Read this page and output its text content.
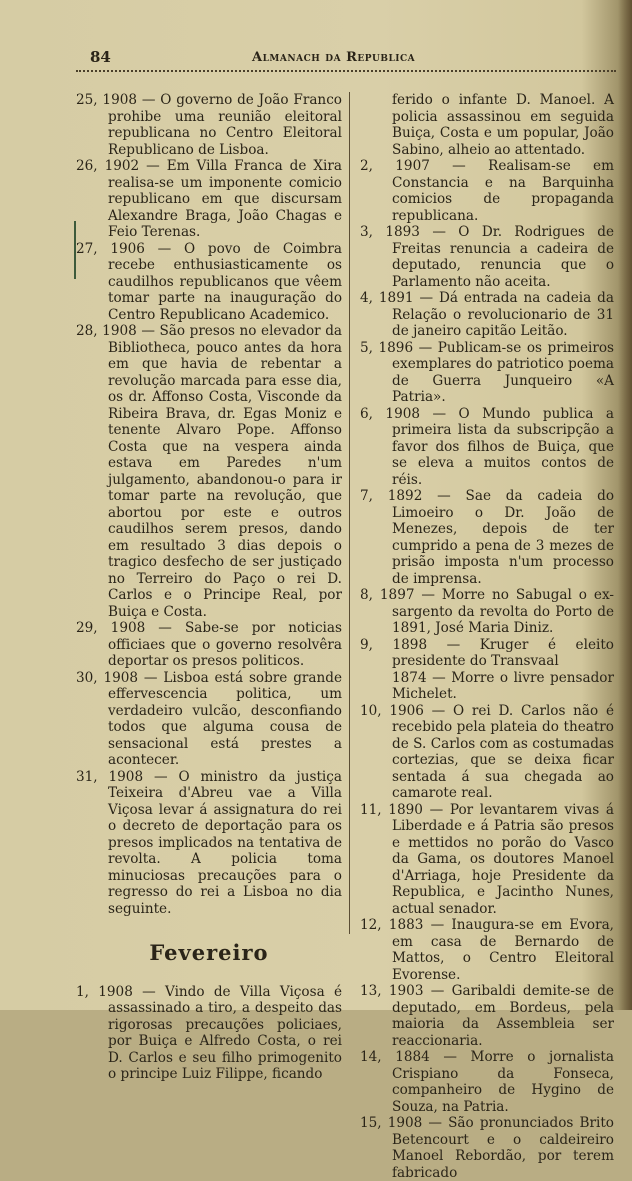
84	Almanach da Republica

25, 1908 — O governo de João Franco prohibe uma reunião eleitoral republicana no Centro Eleitoral Republicano de Lisboa.

26, 1902 — Em Villa Franca de Xira realisa-se um imponente comicio republicano em que discursam Alexandre Braga, João Chagas e Feio Terenas.

27, 1906 — O povo de Coimbra recebe enthusiasticamente os caudilhos republicanos que vêem tomar parte na inauguração do Centro Republicano Academico.

28, 1908 — São presos no elevador da Bibliotheca, pouco antes da hora em que havia de rebentar a revolução marcada para esse dia, os dr. Affonso Costa, Visconde da Ribeira Brava, dr. Egas Moniz e tenente Alvaro Pope. Affonso Costa que na vespera ainda estava em Paredes n'um julgamento, abandonou-o para ir tomar parte na revolução, que abortou por este e outros caudilhos serem presos, dando em resultado 3 dias depois o tragico desfecho de ser justiçado no Terreiro do Paço o rei D. Carlos e o Principe Real, por Buiça e Costa.

29, 1908 — Sabe-se por noticias officiaes que o governo resolvêra deportar os presos politicos.

30, 1908 — Lisboa está sobre grande effervescencia politica, um verdadeiro vulcão, desconfiando todos que alguma cousa de sensacional está prestes a acontecer.

31, 1908 — O ministro da justiça Teixeira d'Abreu vae a Villa Viçosa levar á assignatura do rei o decreto de deportação para os presos implicados na tentativa de revolta. A policia toma minuciosas precauções para o regresso do rei a Lisboa no dia seguinte.

Fevereiro

1, 1908 — Vindo de Villa Viçosa é assassinado a tiro, a despeito das rigorosas precauções policiaes, por Buiça e Alfredo Costa, o rei D. Carlos e seu filho primogenito o principe Luiz Filippe, ficando

ferido o infante D. Manoel. A policia assassinou em seguida Buiça, Costa e um popular, João Sabino, alheio ao attentado.

2, 1907 — Realisam-se em Constancia e na Barquinha comicios de propaganda republicana.

3, 1893 — O Dr. Rodrigues de Freitas renuncia a cadeira de deputado, renuncia que o Parlamento não aceita.

4, 1891 — Dá entrada na cadeia da Relação o revolucionario de 31 de janeiro capitão Leitão.

5, 1896 — Publicam-se os primeiros exemplares do patriotico poema de Guerra Junqueiro «A Patria».

6, 1908 — O Mundo publica a primeira lista da subscripção a favor dos filhos de Buiça, que se eleva a muitos contos de réis.

7, 1892 — Sae da cadeia do Limoeiro o Dr. João de Menezes, depois de ter cumprido a pena de 3 mezes de prisão imposta n'um processo de imprensa.

8, 1897 — Morre no Sabugal o ex-sargento da revolta do Porto de 1891, José Maria Diniz.

9, 1898 — Kruger é eleito presidente do Transvaal

1874 — Morre o livre pensador Michelet.

10, 1906 — O rei D. Carlos não é recebido pela plateia do theatro de S. Carlos com as costumadas cortezias, que se deixa ficar sentada á sua chegada ao camarote real.

11, 1890 — Por levantarem vivas á Liberdade e á Patria são presos e mettidos no porão do Vasco da Gama, os doutores Manoel d'Arriaga, hoje Presidente da Republica, e Jacintho Nunes, actual senador.

12, 1883 — Inaugura-se em Evora, em casa de Bernardo de Mattos, o Centro Eleitoral Evorense.

13, 1903 — Garibaldi demite-se de deputado, em Bordeus, pela maioria da Assembleia ser reaccionaria.

14, 1884 — Morre o jornalista Crispiano da Fonseca, companheiro de Hygino de Souza, na Patria.

15, 1908 — São pronunciados Brito Betencourt e o caldeireiro Manoel Rebordão, por terem fabricado
